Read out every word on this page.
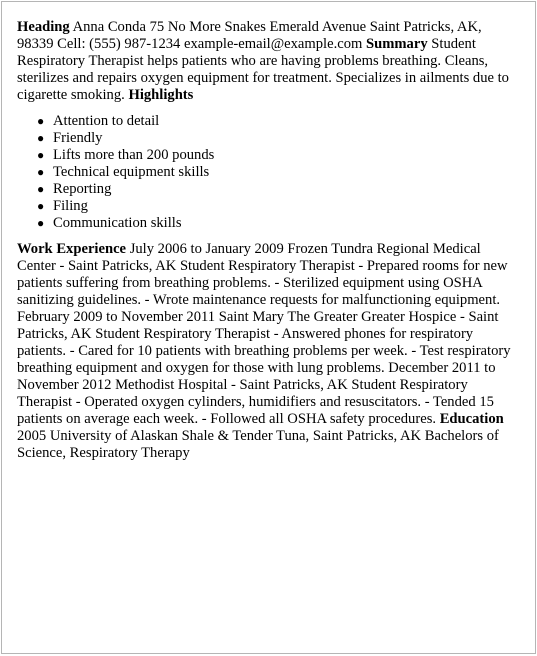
Heading Anna Conda 75 No More Snakes Emerald Avenue Saint Patricks, AK, 98339 Cell: (555) 987-1234 example-email@example.com Summary Student Respiratory Therapist helps patients who are having problems breathing. Cleans, sterilizes and repairs oxygen equipment for treatment. Specializes in ailments due to cigarette smoking. Highlights

● Attention to detail
● Friendly
● Lifts more than 200 pounds
● Technical equipment skills
● Reporting
● Filing
● Communication skills

Work Experience July 2006 to January 2009 Frozen Tundra Regional Medical Center - Saint Patricks, AK Student Respiratory Therapist - Prepared rooms for new patients suffering from breathing problems. - Sterilized equipment using OSHA sanitizing guidelines. - Wrote maintenance requests for malfunctioning equipment. February 2009 to November 2011 Saint Mary The Greater Greater Hospice - Saint Patricks, AK Student Respiratory Therapist - Answered phones for respiratory patients. - Cared for 10 patients with breathing problems per week. - Test respiratory breathing equipment and oxygen for those with lung problems. December 2011 to November 2012 Methodist Hospital - Saint Patricks, AK Student Respiratory Therapist - Operated oxygen cylinders, humidifiers and resuscitators. - Tended 15 patients on average each week. - Followed all OSHA safety procedures. Education 2005 University of Alaskan Shale & Tender Tuna, Saint Patricks, AK Bachelors of Science, Respiratory Therapy
